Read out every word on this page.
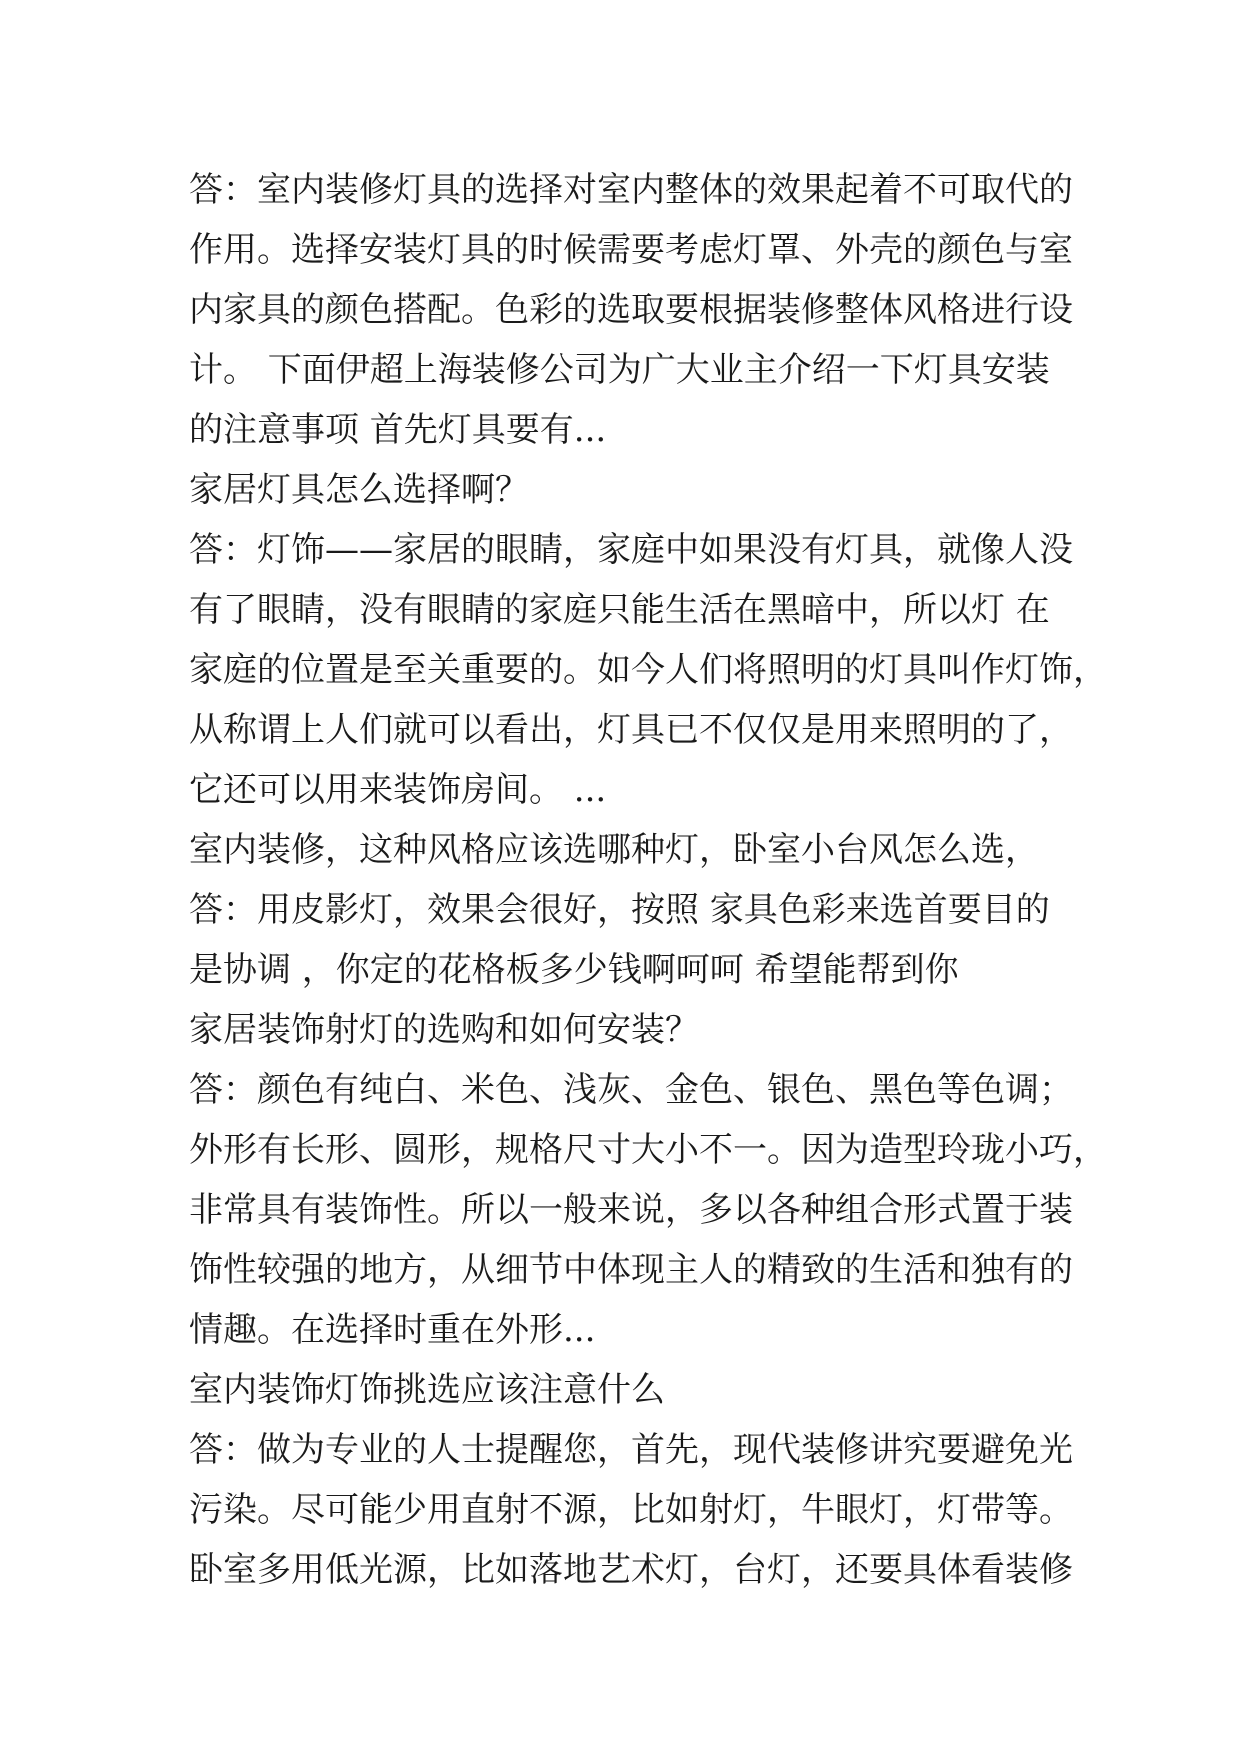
答：室内装修灯具的选择对室内整体的效果起着不可取代的
作用。选择安装灯具的时候需要考虑灯罩、外壳的颜色与室
内家具的颜色搭配。色彩的选取要根据装修整体风格进行设
计。 下面伊超上海装修公司为广大业主介绍一下灯具安装
的注意事项 首先灯具要有...
家居灯具怎么选择啊？
答：灯饰——家居的眼睛，家庭中如果没有灯具，就像人没
有了眼睛，没有眼睛的家庭只能生活在黑暗中，所以灯 在
家庭的位置是至关重要的。如今人们将照明的灯具叫作灯饰，
从称谓上人们就可以看出，灯具已不仅仅是用来照明的了，
它还可以用来装饰房间。 ...
室内装修，这种风格应该选哪种灯，卧室小台风怎么选，
答：用皮影灯，效果会很好，按照 家具色彩来选首要目的
是协调 ，你定的花格板多少钱啊呵呵 希望能帮到你
家居装饰射灯的选购和如何安装？
答：颜色有纯白、米色、浅灰、金色、银色、黑色等色调；
外形有长形、圆形，规格尺寸大小不一。因为造型玲珑小巧，
非常具有装饰性。所以一般来说，多以各种组合形式置于装
饰性较强的地方，从细节中体现主人的精致的生活和独有的
情趣。在选择时重在外形...
室内装饰灯饰挑选应该注意什么
答：做为专业的人士提醒您，首先，现代装修讲究要避免光
污染。尽可能少用直射不源，比如射灯，牛眼灯，灯带等。
卧室多用低光源，比如落地艺术灯，台灯，还要具体看装修
